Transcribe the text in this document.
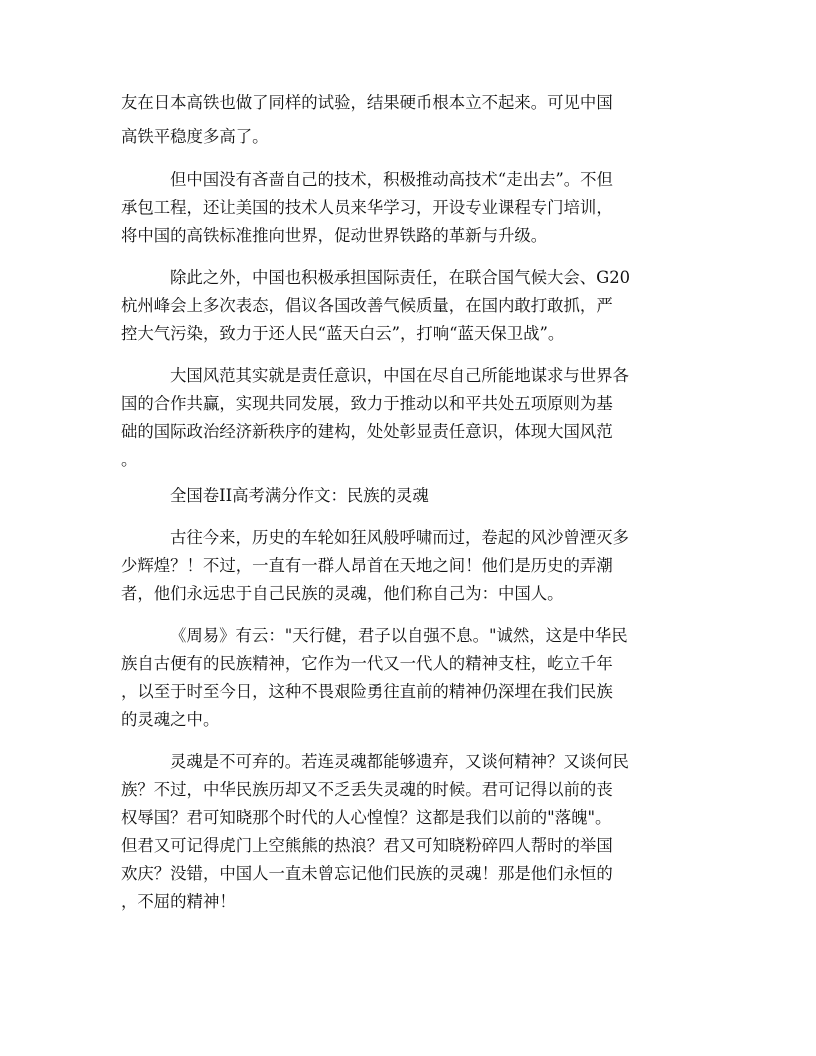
友在日本高铁也做了同样的试验，结果硬币根本立不起来。可见中国

高铁平稳度多高了。

但中国没有吝啬自己的技术，积极推动高技术“走出去”。不但

承包工程，还让美国的技术人员来华学习，开设专业课程专门培训，

将中国的高铁标准推向世界，促动世界铁路的革新与升级。

除此之外，中国也积极承担国际责任，在联合国气候大会、G20

杭州峰会上多次表态，倡议各国改善气候质量，在国内敢打敢抓，严

控大气污染，致力于还人民“蓝天白云”，打响“蓝天保卫战”。

大国风范其实就是责任意识，中国在尽自己所能地谋求与世界各

国的合作共赢，实现共同发展，致力于推动以和平共处五项原则为基

础的国际政治经济新秩序的建构，处处彰显责任意识，体现大国风范

。

全国卷II高考满分作文：民族的灵魂

古往今来，历史的车轮如狂风般呼啸而过，卷起的风沙曾湮灭多

少辉煌？！不过，一直有一群人昂首在天地之间！他们是历史的弄潮

者，他们永远忠于自己民族的灵魂，他们称自己为：中国人。

《周易》有云："天行健，君子以自强不息。"诚然，这是中华民

族自古便有的民族精神，它作为一代又一代人的精神支柱，屹立千年

，以至于时至今日，这种不畏艰险勇往直前的精神仍深埋在我们民族

的灵魂之中。

灵魂是不可弃的。若连灵魂都能够遗弃，又谈何精神？又谈何民

族？不过，中华民族历却又不乏丢失灵魂的时候。君可记得以前的丧

权辱国？君可知晓那个时代的人心惶惶？这都是我们以前的"落魄"。

但君又可记得虎门上空熊熊的热浪？君又可知晓粉碎四人帮时的举国

欢庆？没错，中国人一直未曾忘记他们民族的灵魂！那是他们永恒的

，不屈的精神！
